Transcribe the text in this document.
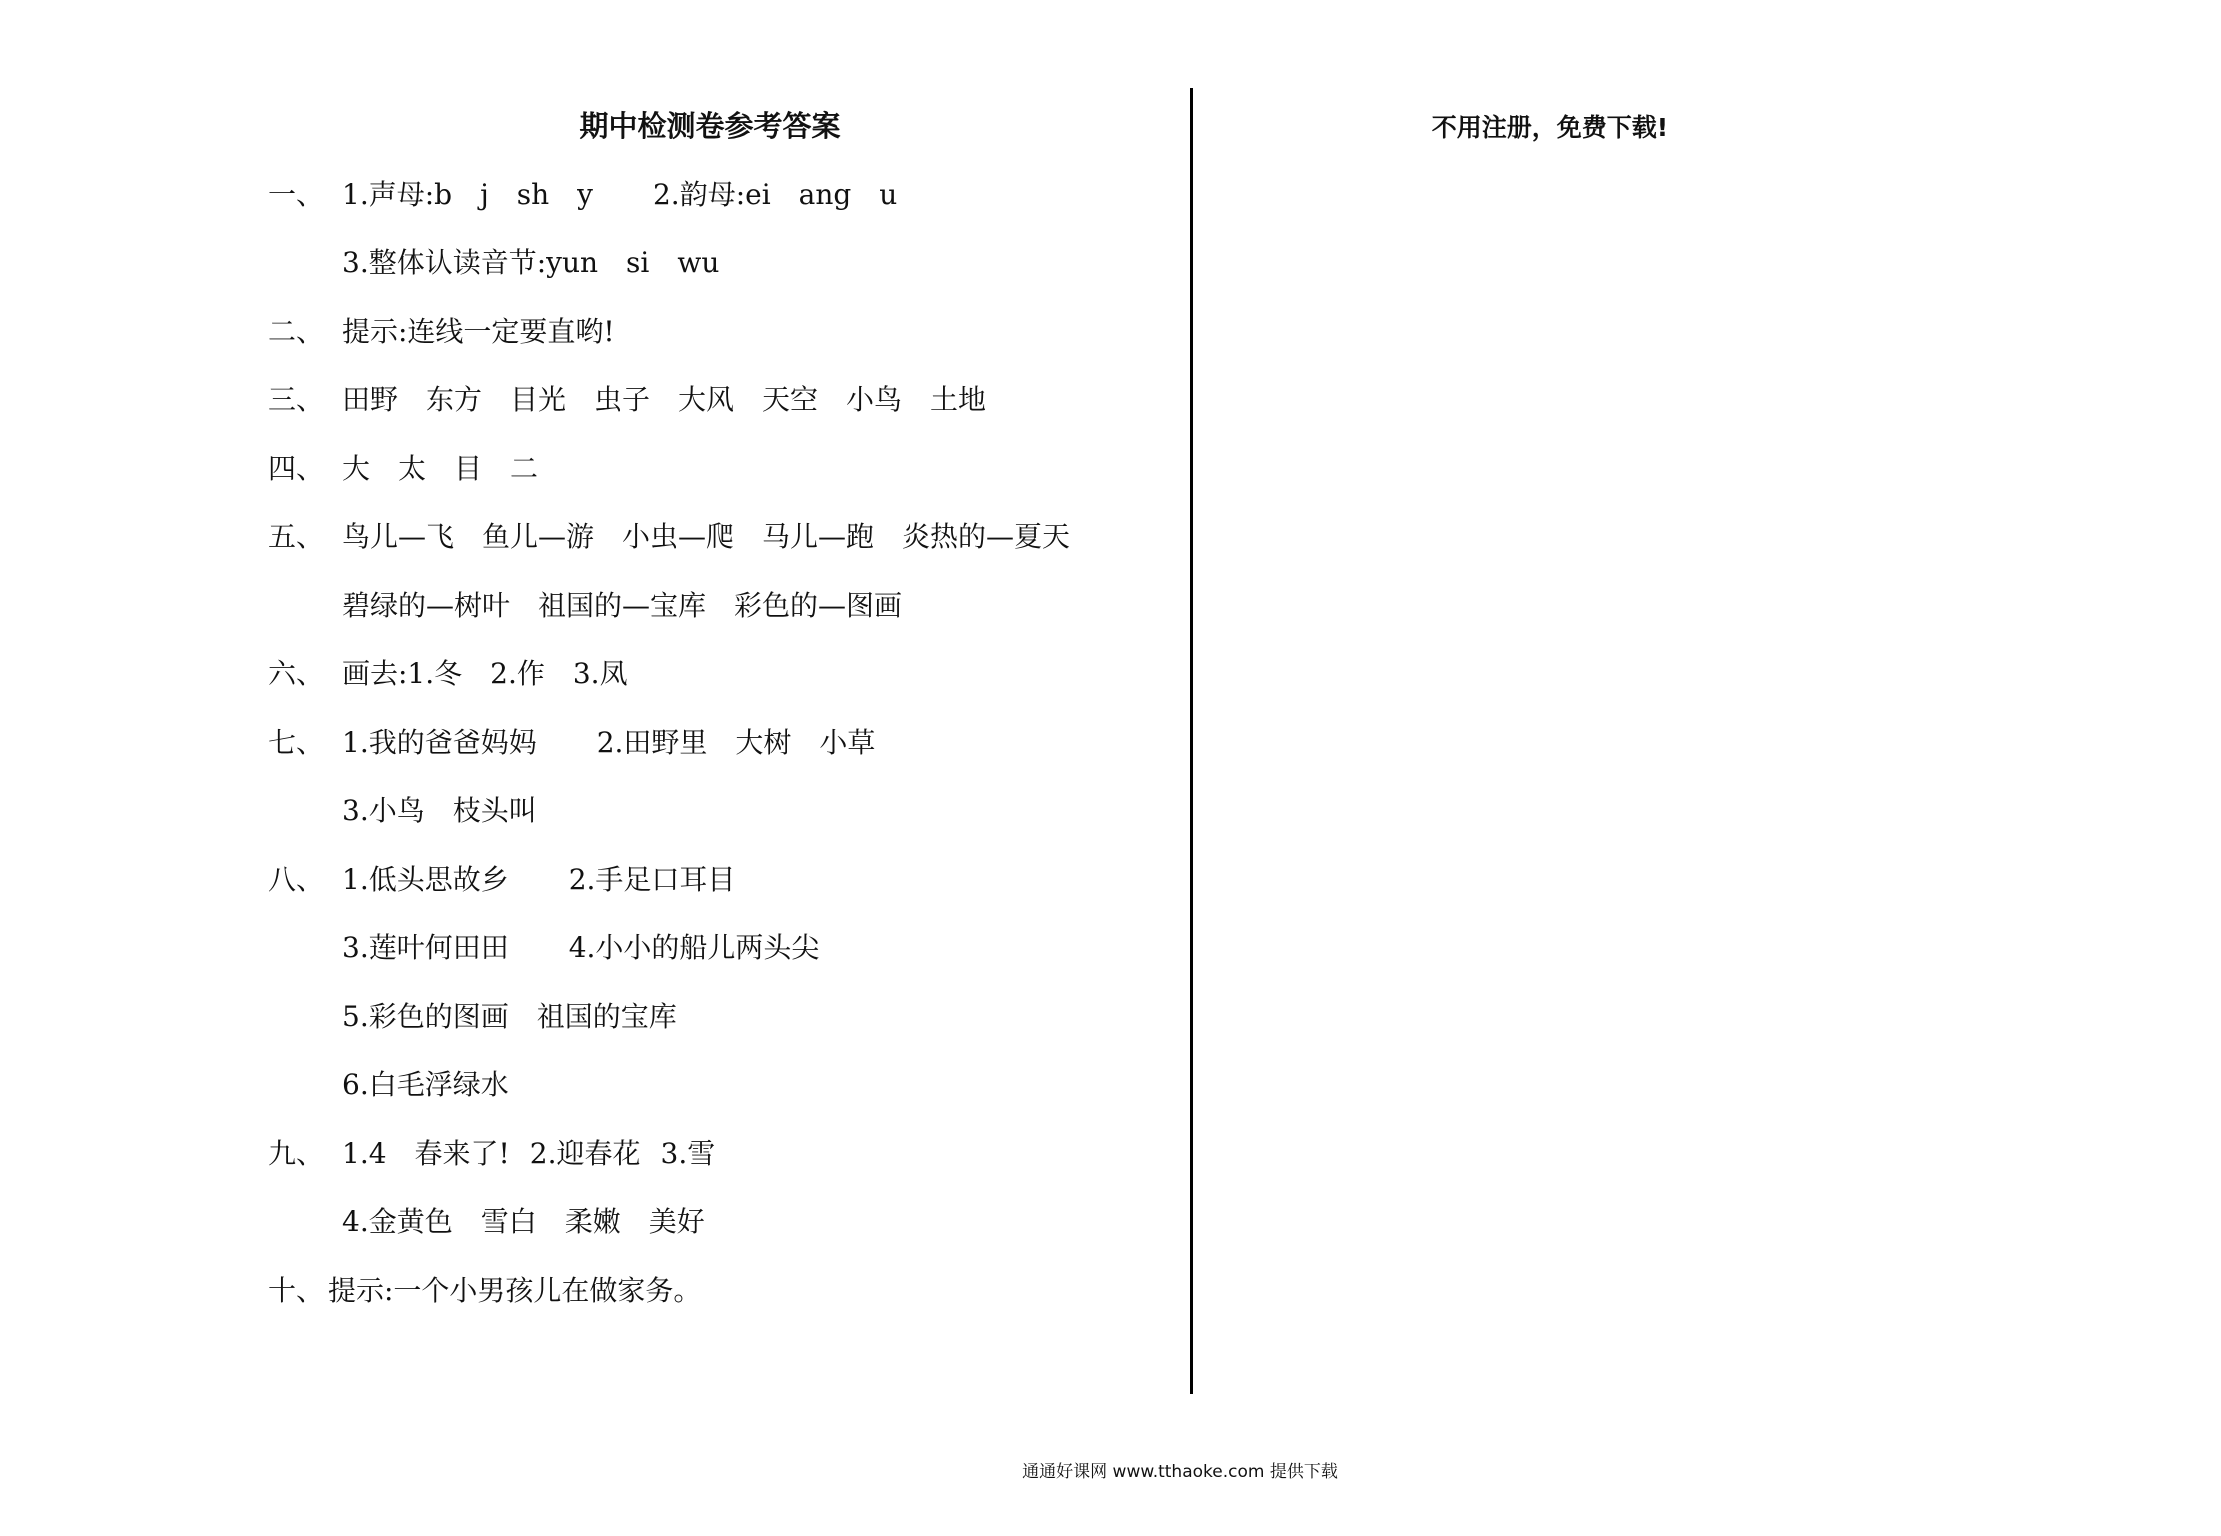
期中检测卷参考答案	不用注册，免费下载!
一、 1.声母:b　j　sh　y 2.韵母:ei　ang　u
3.整体认读音节:yun　si　wu
二、 提示:连线一定要直哟!
三、 田野　东方　目光　虫子　大风　天空　小鸟　土地
四、 大　太　目　二
五、 鸟儿—飞　鱼儿—游　小虫—爬　马儿—跑　炎热的—夏天
碧绿的—树叶　祖国的—宝库　彩色的—图画
六、 画去:1.冬　2.作　3.凤
七、 1.我的爸爸妈妈 2.田野里　大树　小草
3.小鸟　枝头叫
八、 1.低头思故乡 2.手足口耳目
3.莲叶何田田 4.小小的船儿两头尖
5.彩色的图画　祖国的宝库
6.白毛浮绿水
九、 1.4　春来了! 2.迎春花 3.雪
4.金黄色　雪白　柔嫩　美好
十、 提示:一个小男孩儿在做家务。
通通好课网 www.tthaoke.com 提供下载
